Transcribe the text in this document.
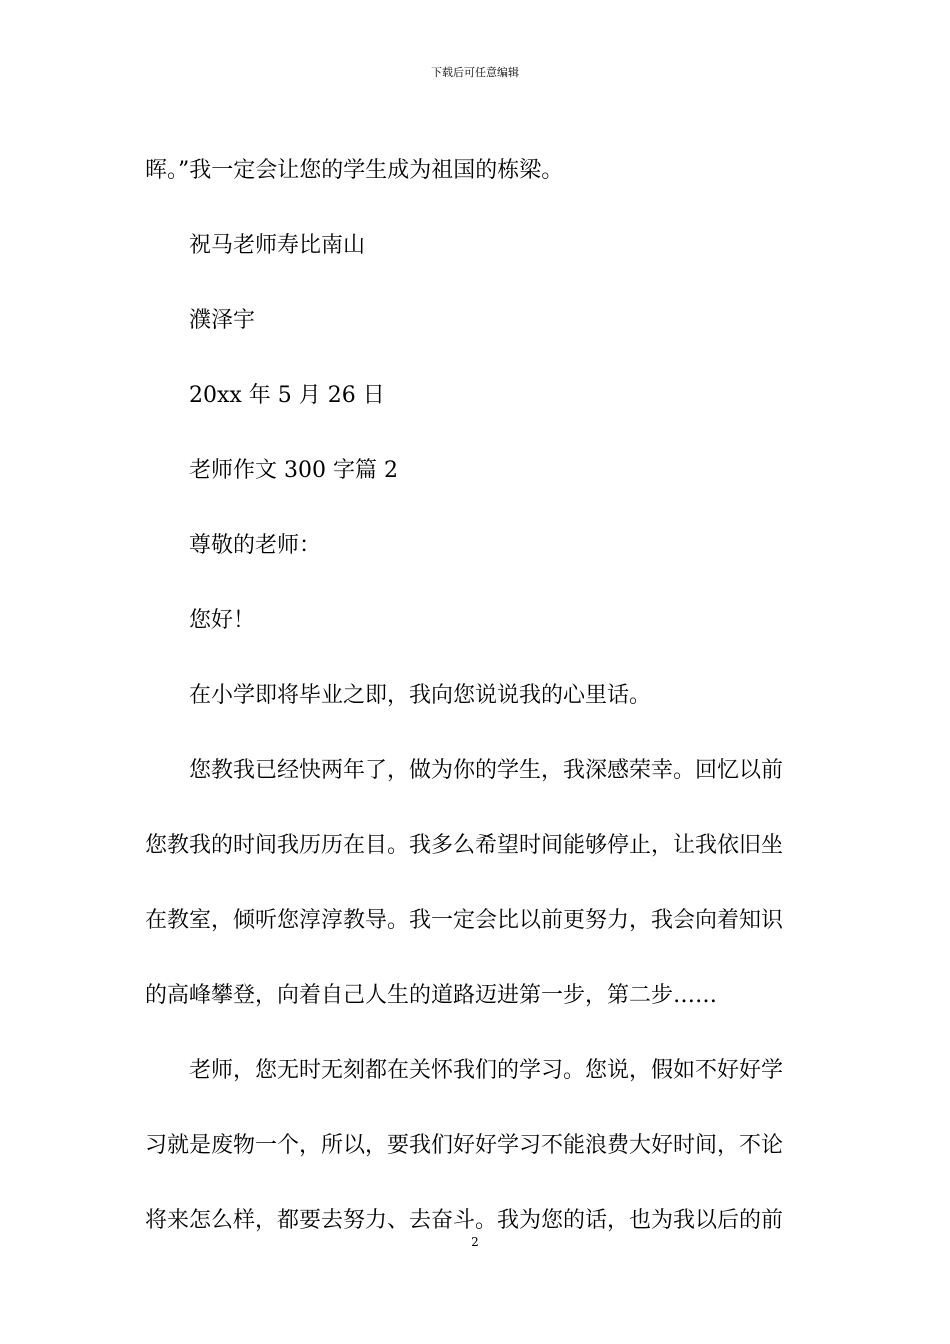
下载后可任意编辑

晖。”我一定会让您的学生成为祖国的栋梁。

祝马老师寿比南山

濮泽宇

20xx 年 5 月 26 日

老师作文 300 字篇 2

尊敬的老师：

您好！

在小学即将毕业之即，我向您说说我的心里话。

您教我已经快两年了，做为你的学生，我深感荣幸。回忆以前
您教我的时间我历历在目。我多么希望时间能够停止，让我依旧坐
在教室，倾听您淳淳教导。我一定会比以前更努力，我会向着知识
的高峰攀登，向着自己人生的道路迈进第一步，第二步……

老师，您无时无刻都在关怀我们的学习。您说，假如不好好学
习就是废物一个，所以，要我们好好学习不能浪费大好时间，不论
将来怎么样，都要去努力、去奋斗。我为您的话，也为我以后的前

2
